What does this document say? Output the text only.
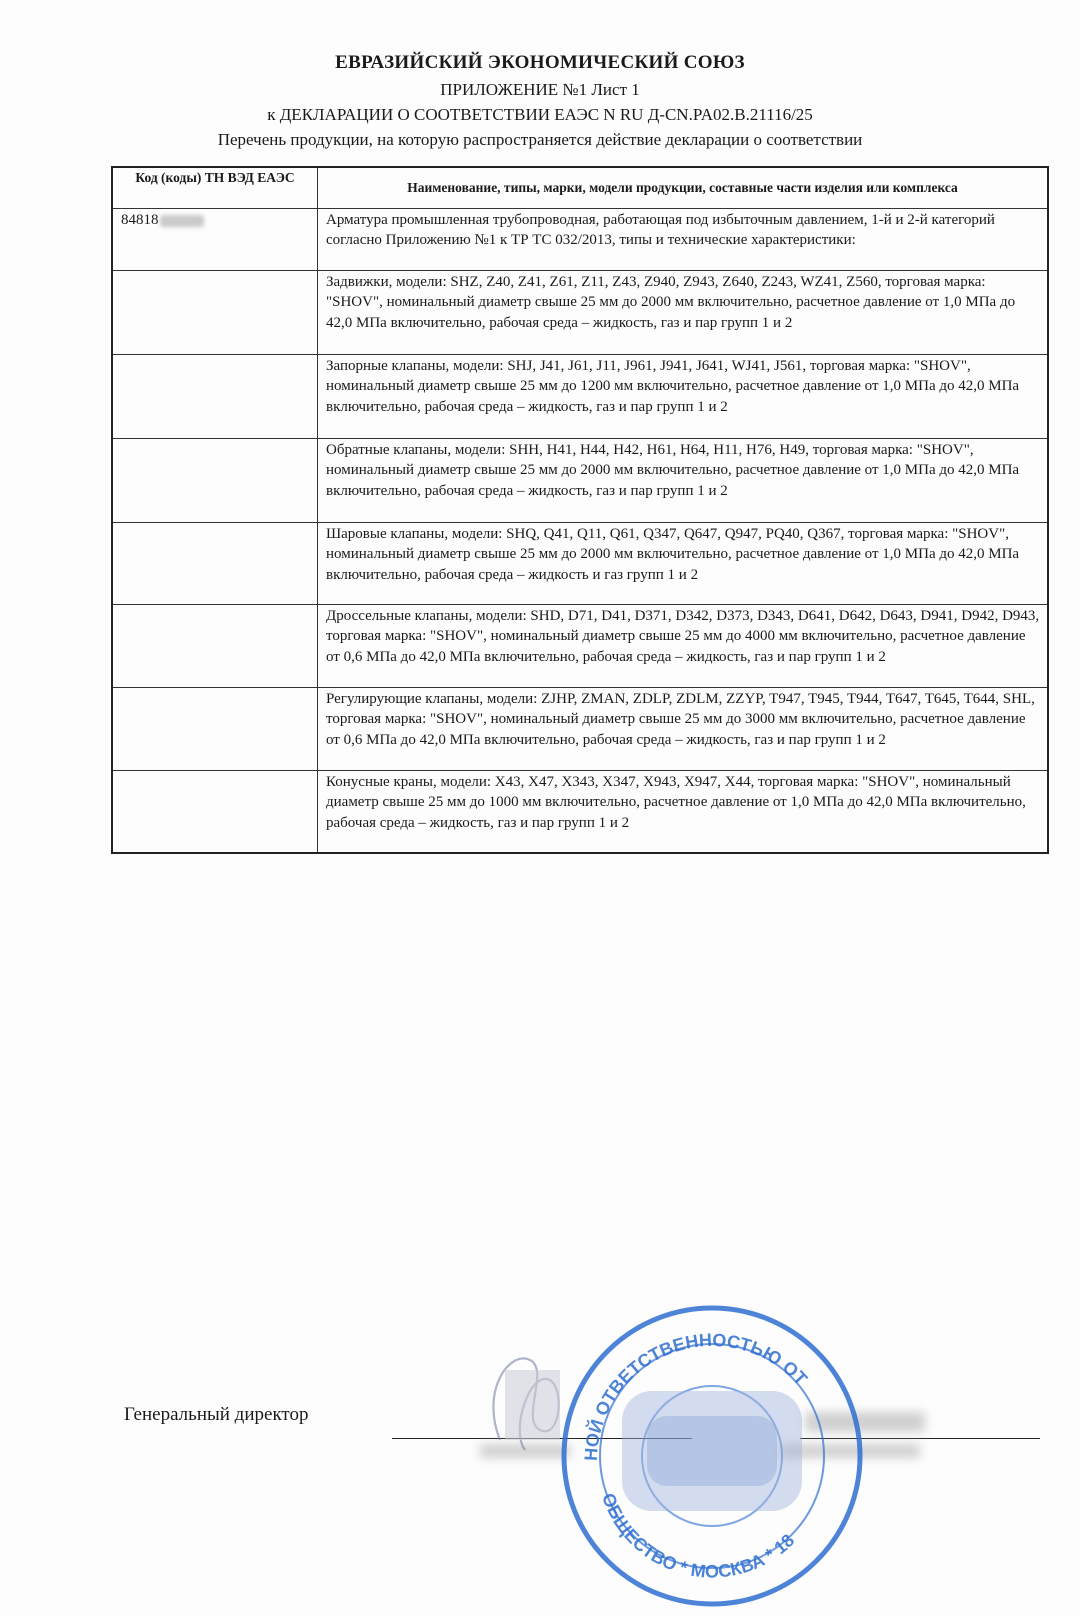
ЕВРАЗИЙСКИЙ ЭКОНОМИЧЕСКИЙ СОЮЗ
ПРИЛОЖЕНИЕ №1 Лист 1
к ДЕКЛАРАЦИИ О СООТВЕТСТВИИ ЕАЭС N RU Д-CN.PA02.B.21116/25
Перечень продукции, на которую распространяется действие декларации о соответствии
Код (коды) ТН ВЭД ЕАЭС	Наименование, типы, марки, модели продукции, составные части изделия или комплекса
84818	Арматура промышленная трубопроводная, работающая под избыточным давлением, 1-й и 2-й категорий согласно Приложению №1 к ТР ТС 032/2013, типы и технические характеристики:
	Задвижки, модели: SHZ, Z40, Z41, Z61, Z11, Z43, Z940, Z943, Z640, Z243, WZ41, Z560, торговая марка: "SHOV", номинальный диаметр свыше 25 мм до 2000 мм включительно, расчетное давление от 1,0 МПа до 42,0 МПа включительно, рабочая среда – жидкость, газ и пар групп 1 и 2
	Запорные клапаны, модели: SHJ, J41, J61, J11, J961, J941, J641, WJ41, J561, торговая марка: "SHOV", номинальный диаметр свыше 25 мм до 1200 мм включительно, расчетное давление от 1,0 МПа до 42,0 МПа включительно, рабочая среда – жидкость, газ и пар групп 1 и 2
	Обратные клапаны, модели: SHH, H41, H44, H42, H61, H64, H11, H76, H49, торговая марка: "SHOV", номинальный диаметр свыше 25 мм до 2000 мм включительно, расчетное давление от 1,0 МПа до 42,0 МПа включительно, рабочая среда – жидкость, газ и пар групп 1 и 2
	Шаровые клапаны, модели: SHQ, Q41, Q11, Q61, Q347, Q647, Q947, PQ40, Q367, торговая марка: "SHOV", номинальный диаметр свыше 25 мм до 2000 мм включительно, расчетное давление от 1,0 МПа до 42,0 МПа включительно, рабочая среда – жидкость и газ групп 1 и 2
	Дроссельные клапаны, модели: SHD, D71, D41, D371, D342, D373, D343, D641, D642, D643, D941, D942, D943, торговая марка: "SHOV", номинальный диаметр свыше 25 мм до 4000 мм включительно, расчетное давление от 0,6 МПа до 42,0 МПа включительно, рабочая среда – жидкость, газ и пар групп 1 и 2
	Регулирующие клапаны, модели: ZJHP, ZMAN, ZDLP, ZDLM, ZZYP, T947, T945, T944, T647, T645, T644, SHL, торговая марка: "SHOV", номинальный диаметр свыше 25 мм до 3000 мм включительно, расчетное давление от 0,6 МПа до 42,0 МПа включительно, рабочая среда – жидкость, газ и пар групп 1 и 2
	Конусные краны, модели: X43, X47, X343, X347, X943, X947, X44, торговая марка: "SHOV", номинальный диаметр свыше 25 мм до 1000 мм включительно, расчетное давление от 1,0 МПа до 42,0 МПа включительно, рабочая среда – жидкость, газ и пар групп 1 и 2
Генеральный директор
НОЙ ОТВЕТСТВЕННОСТЬЮ ОТ
ОБЩЕСТВО * МОСКВА * 18
